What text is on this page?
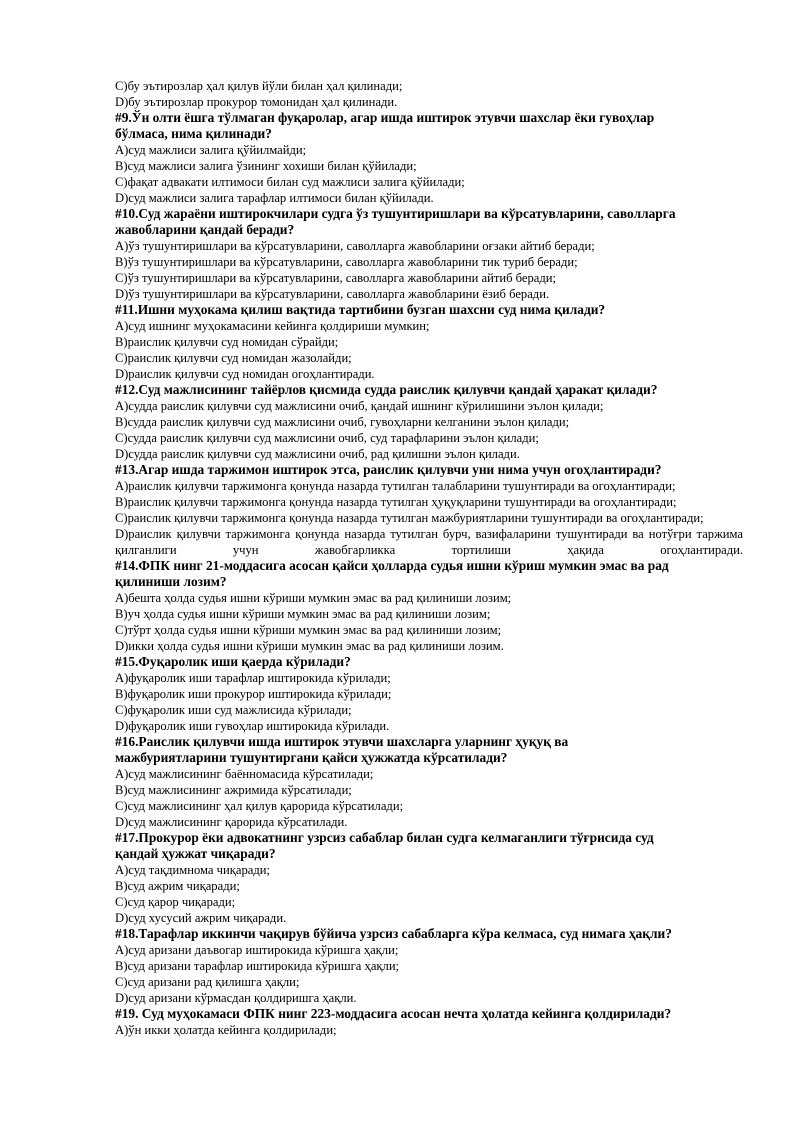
С)бу эътирозлар ҳал қилув йўли билан ҳал қилинади;

D)бу эътирозлар прокурор томонидан ҳал қилинади.

#9.Ўн олти ёшга тўлмаган фуқаролар, агар ишда иштирок этувчи шахслар ёки гувоҳлар

бўлмаса, нима қилинади?

A)суд мажлиси залига қўйилмайди;

B)суд мажлиси залига ўзининг хохиши билан қўйилади;

C)фақат адвакати илтимоси билан суд мажлиси залига қўйилади;

D)суд мажлиси залига тарафлар илтимоси билан қўйилади.

#10.Суд жараёни иштирокчилари судга ўз тушунтиришлари ва кўрсатувларини, саволларга

жавобларини қандай беради?

A)ўз тушунтиришлари ва кўрсатувларини, саволларга жавобларини оғзаки айтиб беради;

B)ўз тушунтиришлари ва кўрсатувларини, саволларга жавобларини тик туриб беради;

C)ўз тушунтиришлари ва кўрсатувларини, саволларга жавобларини айтиб беради;

D)ўз тушунтиришлари ва кўрсатувларини, саволларга жавобларини ёзиб беради.

#11.Ишни муҳокама қилиш вақтида тартибини бузган шахсни суд нима қилади?

A)суд ишнинг муҳокамасини кейинга қолдириши мумкин;

B)раислик қилувчи суд номидан сўрайди;

C)раислик қилувчи суд номидан жазолайди;

D)раислик қилувчи суд номидан огоҳлантиради.

#12.Суд мажлисининг тайёрлов қисмида судда раислик қилувчи қандай ҳаракат қилади?

A)судда раислик қилувчи суд мажлисини очиб, қандай ишнинг кўрилишини эълон қилади;

B)судда раислик қилувчи суд мажлисини очиб, гувоҳларни келганини эълон қилади;

C)судда раислик қилувчи суд мажлисини очиб, суд тарафларини эълон қилади;

D)судда раислик қилувчи суд мажлисини очиб, рад қилишни эълон қилади.

#13.Агар ишда таржимон иштирок этса, раислик қилувчи уни нима учун огоҳлантиради?

A)раислик қилувчи таржимонга қонунда назарда тутилган талабларини тушунтиради ва огоҳлантиради;

B)раислик қилувчи таржимонга қонунда назарда тутилган ҳуқуқларини тушунтиради ва огоҳлантиради;

C)раислик қилувчи таржимонга қонунда назарда тутилган мажбуриятларини тушунтиради ва огоҳлантиради;

D)раислик қилувчи таржимонга қонунда назарда тутилган бурч, вазифаларини тушунтиради ва нотўғри таржима қилганлиги учун жавобгарликка тортилиши ҳақида огоҳлантиради.

#14.ФПК нинг 21-моддасига асосан қайси ҳолларда судья ишни кўриш мумкин эмас ва рад

қилиниши лозим?

A)бешта ҳолда судья ишни кўриши мумкин эмас ва рад қилиниши лозим;

B)уч ҳолда судья ишни кўриши мумкин эмас ва рад қилиниши лозим;

C)тўрт ҳолда судья ишни кўриши мумкин эмас ва рад қилиниши лозим;

D)икки ҳолда судья ишни кўриши мумкин эмас ва рад қилиниши лозим.

#15.Фуқаролик иши қаерда кўрилади?

A)фуқаролик иши тарафлар иштирокида кўрилади;

B)фуқаролик иши прокурор иштирокида кўрилади;

C)фуқаролик иши суд мажлисида кўрилади;

D)фуқаролик иши гувоҳлар иштирокида кўрилади.

#16.Раислик қилувчи ишда иштирок этувчи шахсларга уларнинг ҳуқуқ ва

мажбуриятларини тушунтиргани қайси ҳужжатда кўрсатилади?

A)суд мажлисининг баённомасида кўрсатилади;

B)суд мажлисининг ажримида кўрсатилади;

C)суд мажлисининг ҳал қилув қарорида кўрсатилади;

D)суд мажлисининг қарорида кўрсатилади.

#17.Прокурор ёки адвокатнинг узрсиз сабаблар билан судга келмаганлиги тўғрисида суд

қандай ҳужжат чиқаради?

A)суд тақдимнома чиқаради;

B)суд ажрим чиқаради;

C)суд қарор чиқаради;

D)суд хусусий ажрим чиқаради.

#18.Тарафлар иккинчи чақирув бўйича узрсиз сабабларга кўра келмаса, суд нимага ҳақли?

A)суд аризани даъвогар иштирокида кўришга ҳақли;

B)суд аризани тарафлар иштирокида кўришга ҳақли;

C)суд аризани рад қилишга ҳақли;

D)суд аризани кўрмасдан қолдиришга ҳақли.

#19. Суд муҳокамаси ФПК нинг 223-моддасига асосан нечта ҳолатда кейинга қолдирилади?

A)ўн икки ҳолатда кейинга қолдирилади;
